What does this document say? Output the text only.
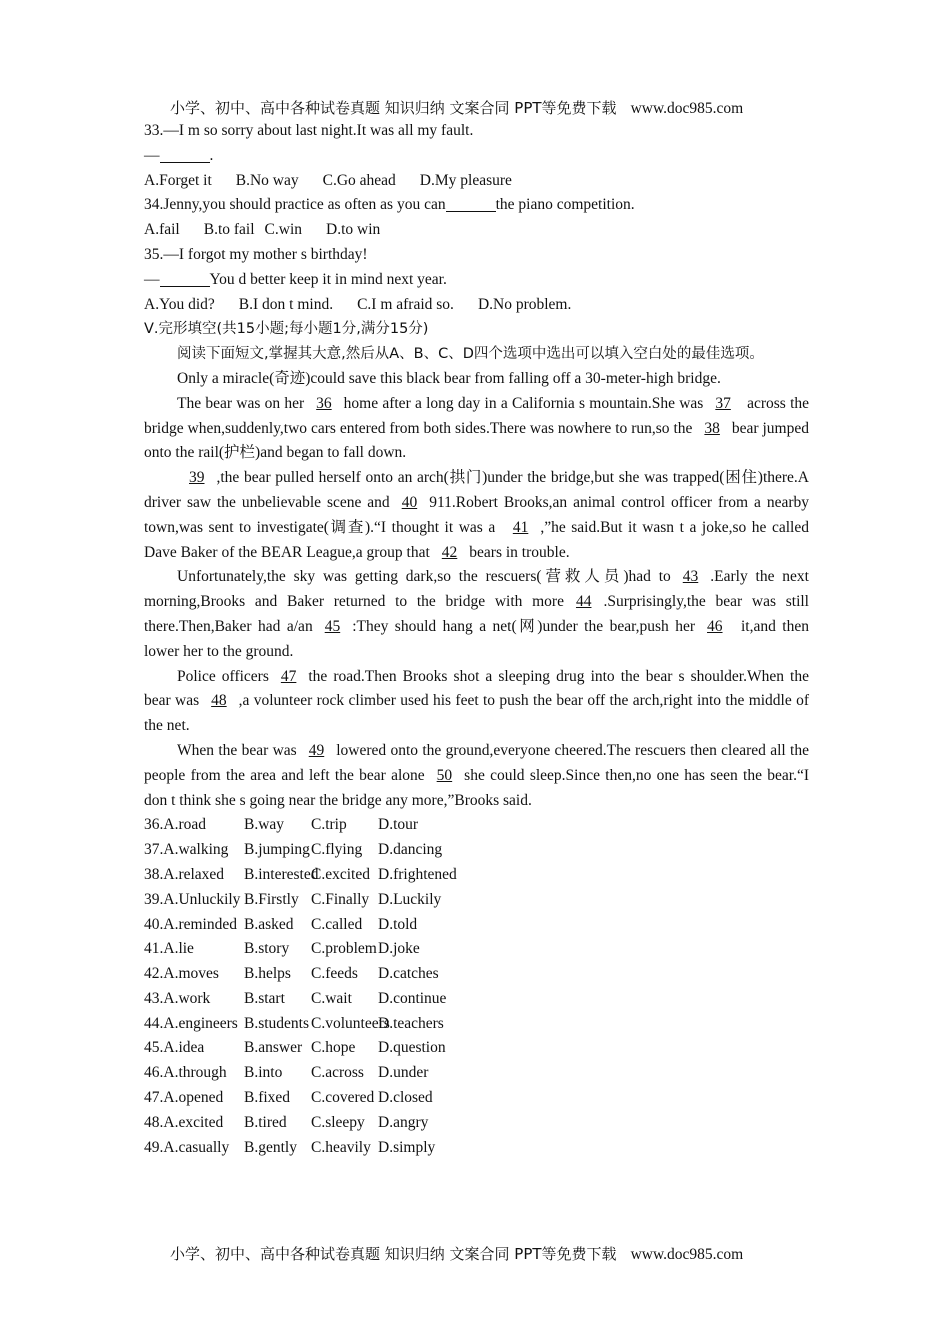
小学、初中、高中各种试卷真题 知识归纳 文案合同 PPT等免费下载 www.doc985.com
33.—I m so sorry about last night.It was all my fault.
—	.
A.Forget it B.No way C.Go ahead D.My pleasure
34.Jenny,you should practice as often as you can	the piano competition.
A.fail B.to fail C.win D.to win
35.—I forgot my mother s birthday!
—	You d better keep it in mind next year.
A.You did? B.I don t mind. C.I m afraid so. D.No problem.
Ⅴ.完形填空(共15小题;每小题1分,满分15分)
阅读下面短文,掌握其大意,然后从A、B、C、D四个选项中选出可以填入空白处的最佳选项。
Only a miracle(奇迹)could save this black bear from falling off a 30-meter-high bridge.
The bear was on her 36 home after a long day in a California s mountain.She was 37 across the bridge when,suddenly,two cars entered from both sides.There was nowhere to run,so the 38 bear jumped onto the rail(护栏)and began to fall down.
39 ,the bear pulled herself onto an arch(拱门)under the bridge,but she was trapped(困住)there.A driver saw the unbelievable scene and 40 911.Robert Brooks,an animal control officer from a nearby town,was sent to investigate(调查).“I thought it was a 41 ,”he said.But it wasn t a joke,so he called Dave Baker of the BEAR League,a group that 42 bears in trouble.
Unfortunately,the sky was getting dark,so the rescuers(营救人员)had to 43 .Early the next morning,Brooks and Baker returned to the bridge with more 44 .Surprisingly,the bear was still there.Then,Baker had a/an 45 :They should hang a net(网)under the bear,push her 46 it,and then lower her to the ground.
Police officers 47 the road.Then Brooks shot a sleeping drug into the bear s shoulder.When the bear was 48 ,a volunteer rock climber used his feet to push the bear off the arch,right into the middle of the net.
When the bear was 49 lowered onto the ground,everyone cheered.The rescuers then cleared all the people from the area and left the bear alone 50 she could sleep.Since then,no one has seen the bear.“I don t think she s going near the bridge any more,”Brooks said.
36.A.road B.way C.trip D.tour
37.A.walking B.jumpingC.flying D.dancing
38.A.relaxed B.interestedC.excited D.frightened
39.A.Unluckily B.Firstly C.Finally D.Luckily
40.A.reminded B.asked C.called D.told
41.A.lie	B.story C.problemD.joke
42.A.moves B.helps C.feeds D.catches
43.A.work B.start C.wait D.continue
44.A.engineers B.students C.volunteersD.teachers
45.A.idea	B.answer C.hope D.question
46.A.through B.into C.across D.under
47.A.opened B.fixed C.covered D.closed
48.A.excited B.tired C.sleepy D.angry
49.A.casually B.gently C.heavily D.simply
小学、初中、高中各种试卷真题 知识归纳 文案合同 PPT等免费下载 www.doc985.com
